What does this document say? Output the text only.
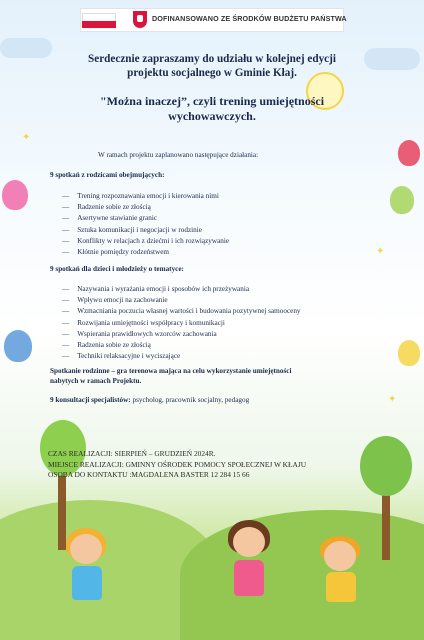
✦
✦
✦
DOFINANSOWANO ZE ŚRODKÓW BUDŻETU PAŃSTWA
Serdecznie zapraszamy do udziału w kolejnej edycji
projektu socjalnego w Gminie Kłaj.
"Można inaczej”, czyli trening umiejętności
wychowawczych.
W ramach projektu zaplanowano następujące działania:
9 spotkań z rodzicami obejmujących:
— Trening rozpoznawania emocji i kierowania nimi
— Radzenie sobie ze złością
— Asertywne stawianie granic
— Sztuka komunikacji i negocjacji w rodzinie
— Konflikty w relacjach z dziećmi i ich rozwiązywanie
— Kłótnie pomiędzy rodzeństwem
9 spotkań dla dzieci i młodzieży o tematyce:
— Nazywania i wyrażania emocji i sposobów ich przeżywania
— Wpływu emocji na zachowanie
— Wzmacniania poczucia własnej wartości i budowania pozytywnej samooceny
— Rozwijania umiejętności współpracy i komunikacji
— Wspierania prawidłowych wzorców zachowania
— Radzenia sobie ze złością
— Techniki relaksacyjne i wyciszające
Spotkanie rodzinne – gra terenowa mająca na celu wykorzystanie umiejętności
nabytych w ramach Projektu.
9 konsultacji specjalistów: psycholog, pracownik socjalny, pedagog
CZAS REALIZACJI: SIERPIEŃ – GRUDZIEŃ 2024R.
MIEJSCE REALIZACJI: GMINNY OŚRODEK POMOCY SPOŁECZNEJ W KŁAJU
OSOBA DO KONTAKTU :MAGDALENA BASTER 12 284 15 66
